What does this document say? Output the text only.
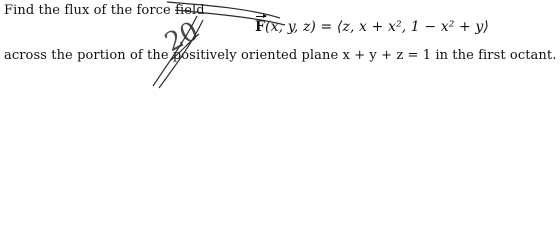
Find the flux of the force field
F(x, y, z) = ⟨z, x + x², 1 − x² + y⟩
across the portion of the positively oriented plane x + y + z = 1 in the first octant.
20
